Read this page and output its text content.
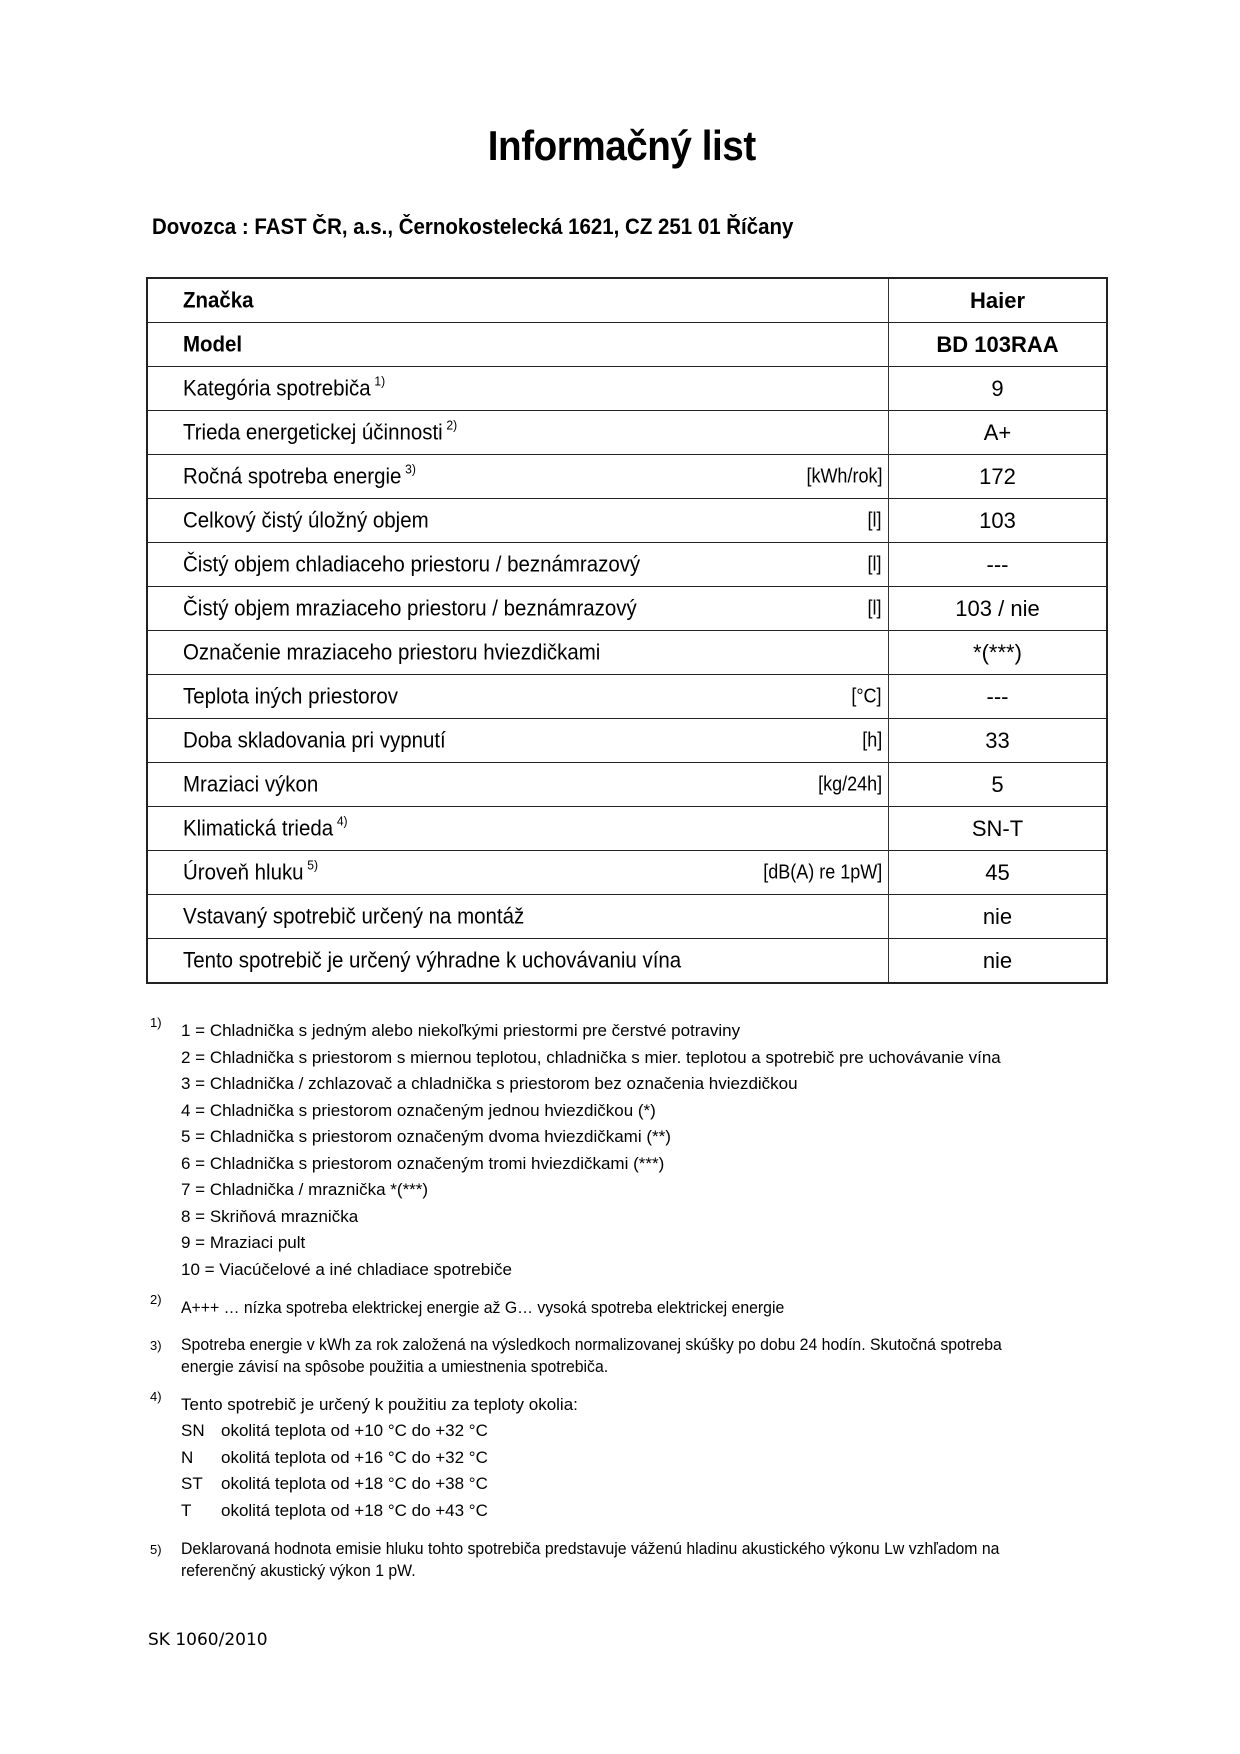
Informačný list
Dovozca : FAST ČR, a.s., Černokostelecká 1621, CZ 251 01 Říčany
Značka	Haier

Model	BD 103RAA

Kategória spotrebiča $^{1)}$	9

Trieda energetickej účinnosti $^{2)}$	A+

Ročná spotreba energie $^{3)}$ [kWh/rok]	172

Celkový čistý úložný objem [l]	103

Čistý objem chladiaceho priestoru / beznámrazový [l]	---

Čistý objem mraziaceho priestoru / beznámrazový [l]	103 / nie

Označenie mraziaceho priestoru hviezdičkami	*(***)

Teplota iných priestorov [°C]	---

Doba skladovania pri vypnutí [h]	33

Mraziaci výkon [kg/24h]	5

Klimatická trieda $^{4)}$	SN-T

Úroveň hluku $^{5)}$ [dB(A) re 1pW]	45

Vstavaný spotrebič určený na montáž	nie

Tento spotrebič je určený výhradne k uchovávaniu vína	nie
1) 1 = Chladnička s jedným alebo niekoľkými priestormi pre čerstvé potraviny
2 = Chladnička s priestorom s miernou teplotou, chladnička s mier. teplotou a spotrebič pre uchovávanie vína
3 = Chladnička / zchlazovač a chladnička s priestorom bez označenia hviezdičkou
4 = Chladnička s priestorom označeným jednou hviezdičkou (*)
5 = Chladnička s priestorom označeným dvoma hviezdičkami (**)
6 = Chladnička s priestorom označeným tromi hviezdičkami (***)
7 = Chladnička / mraznička *(***)
8 = Skriňová mraznička
9 = Mraziaci pult
10 = Viacúčelové a iné chladiace spotrebiče
2) A+++ … nízka spotreba elektrickej energie až G… vysoká spotreba elektrickej energie
3) Spotreba energie v kWh za rok založená na výsledkoch normalizovanej skúšky po dobu 24 hodín. Skutočná spotreba energie závisí na spôsobe použitia a umiestnenia spotrebiča.
4) Tento spotrebič je určený k použitiu za teploty okolia:
SN okolitá teplota od +10 °C do +32 °C
N okolitá teplota od +16 °C do +32 °C
ST okolitá teplota od +18 °C do +38 °C
T okolitá teplota od +18 °C do +43 °C
5) Deklarovaná hodnota emisie hluku tohto spotrebiča predstavuje váženú hladinu akustického výkonu Lw vzhľadom na referenčný akustický výkon 1 pW.
SK 1060/2010
